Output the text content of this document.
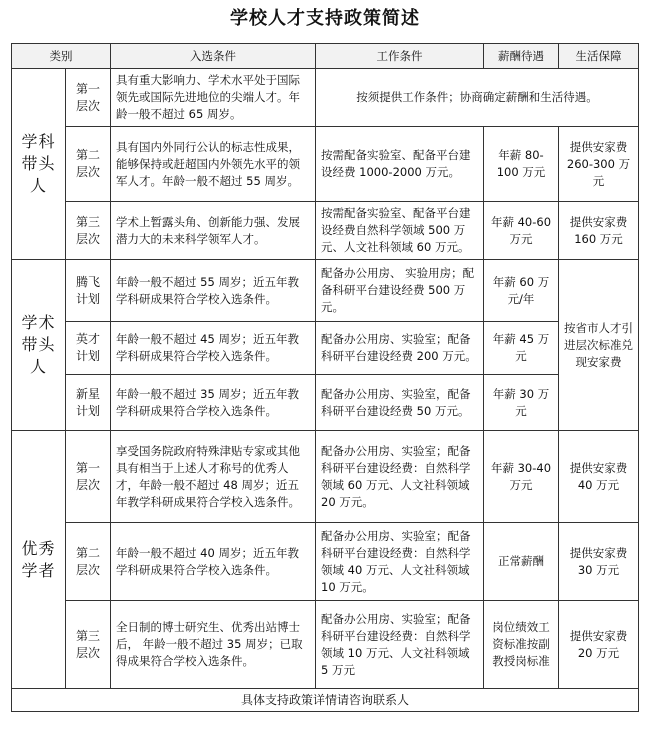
学校人才支持政策简述
类别		入选条件	工作条件	薪酬待遇	生活保障
学科带头人	第一层次	具有重大影响力、学术水平处于国际领先或国际先进地位的尖端人才。年龄一般不超过 65 周岁。	按须提供工作条件；协商确定薪酬和生活待遇。		
	第二层次	具有国内外同行公认的标志性成果，能够保持或赶超国内外领先水平的领军人才。年龄一般不超过 55 周岁。	按需配备实验室、配备平台建设经费 1000-2000 万元。	年薪 80-100 万元	提供安家费 260-300 万元
	第三层次	学术上暂露头角、创新能力强、发展潜力大的未来科学领军人才。	按需配备实验室、配备平台建设经费自然科学领域 500 万元、人文社科领域 60 万元。	年薪 40-60 万元	提供安家费 160 万元
学术带头人	腾飞计划	年龄一般不超过 55 周岁；近五年教学科研成果符合学校入选条件。	配备办公用房、 实验用房；配备科研平台建设经费 500 万元。	年薪 60 万元/年	按省市人才引进层次标准兑现安家费
	英才计划	年龄一般不超过 45 周岁；近五年教学科研成果符合学校入选条件。	配备办公用房、实验室；配备科研平台建设经费 200 万元。	年薪 45 万元	
	新星计划	年龄一般不超过 35 周岁；近五年教学科研成果符合学校入选条件。	配备办公用房、实验室，配备科研平台建设经费 50 万元。	年薪 30 万元	
优秀学者	第一层次	享受国务院政府特殊津贴专家或其他具有相当于上述人才称号的优秀人才，年龄一般不超过 48 周岁；近五年教学科研成果符合学校入选条件。	配备办公用房、实验室；配备科研平台建设经费：自然科学领域 60 万元、人文社科领域 20 万元。	年薪 30-40 万元	提供安家费 40 万元
	第二层次	年龄一般不超过 40 周岁；近五年教学科研成果符合学校入选条件。	配备办公用房、实验室；配备科研平台建设经费：自然科学领域 40 万元、人文社科领域 10 万元。	正常薪酬	提供安家费 30 万元
	第三层次	全日制的博士研究生、优秀出站博士后， 年龄一般不超过 35 周岁；已取得成果符合学校入选条件。	配备办公用房、实验室；配备科研平台建设经费：自然科学领域 10 万元、人文社科领域 5 万元	岗位绩效工资标准按副教授岗标准	提供安家费 20 万元
具体支持政策详情请咨询联系人					
